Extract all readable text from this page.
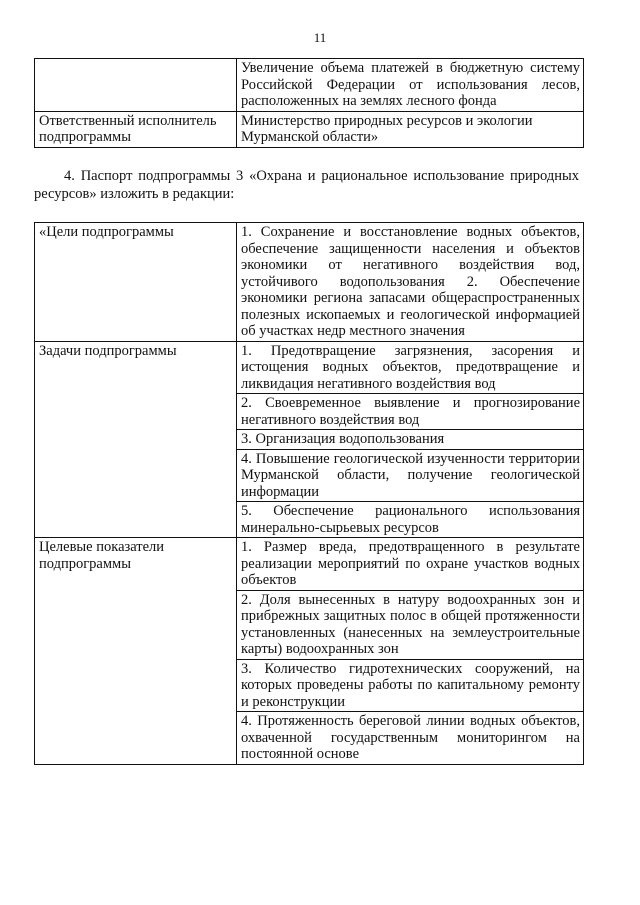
11
	Увеличение объема платежей в бюджетную систему Российской Федерации от использования лесов, расположенных на землях лесного фонда
Ответственный исполнитель подпрограммы	Министерство природных ресурсов и экологии Мурманской области»
4. Паспорт подпрограммы 3 «Охрана и рациональное использование природных ресурсов» изложить в редакции:
«Цели подпрограммы	1. Сохранение и восстановление водных объектов, обеспечение защищенности населения и объектов экономики от негативного воздействия вод, устойчивого водопользования 2. Обеспечение экономики региона запасами общераспространенных полезных ископаемых и геологической информацией об участках недр местного значения
Задачи подпрограммы	1. Предотвращение загрязнения, засорения и истощения водных объектов, предотвращение и ликвидация негативного воздействия вод
	2. Своевременное выявление и прогнозирование негативного воздействия вод
	3. Организация водопользования
	4. Повышение геологической изученности территории Мурманской области, получение геологической информации
	5. Обеспечение рационального использования минерально-сырьевых ресурсов
Целевые показатели подпрограммы	1. Размер вреда, предотвращенного в результате реализации мероприятий по охране участков водных объектов
	2. Доля вынесенных в натуру водоохранных зон и прибрежных защитных полос в общей протяженности установленных (нанесенных на землеустроительные карты) водоохранных зон
	3. Количество гидротехнических сооружений, на которых проведены работы по капитальному ремонту и реконструкции
	4. Протяженность береговой линии водных объектов, охваченной государственным мониторингом на постоянной основе
